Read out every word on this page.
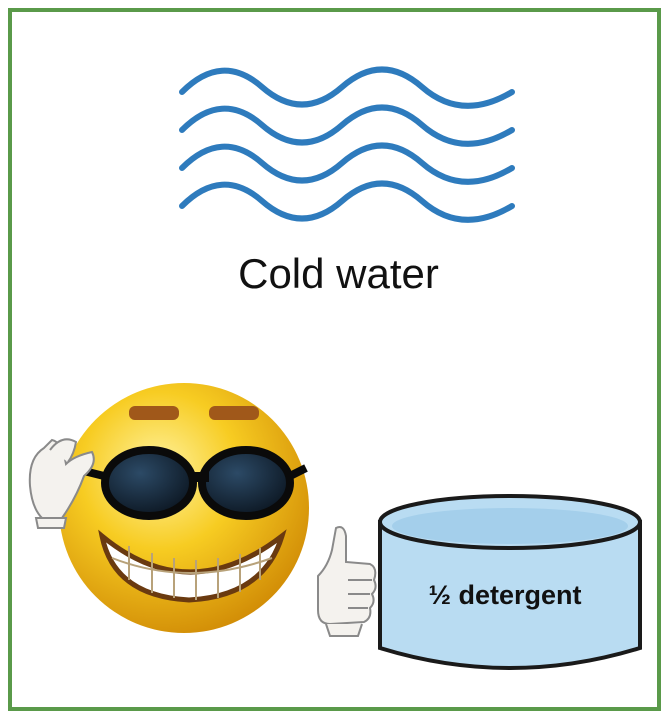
Cold water
½ detergent
